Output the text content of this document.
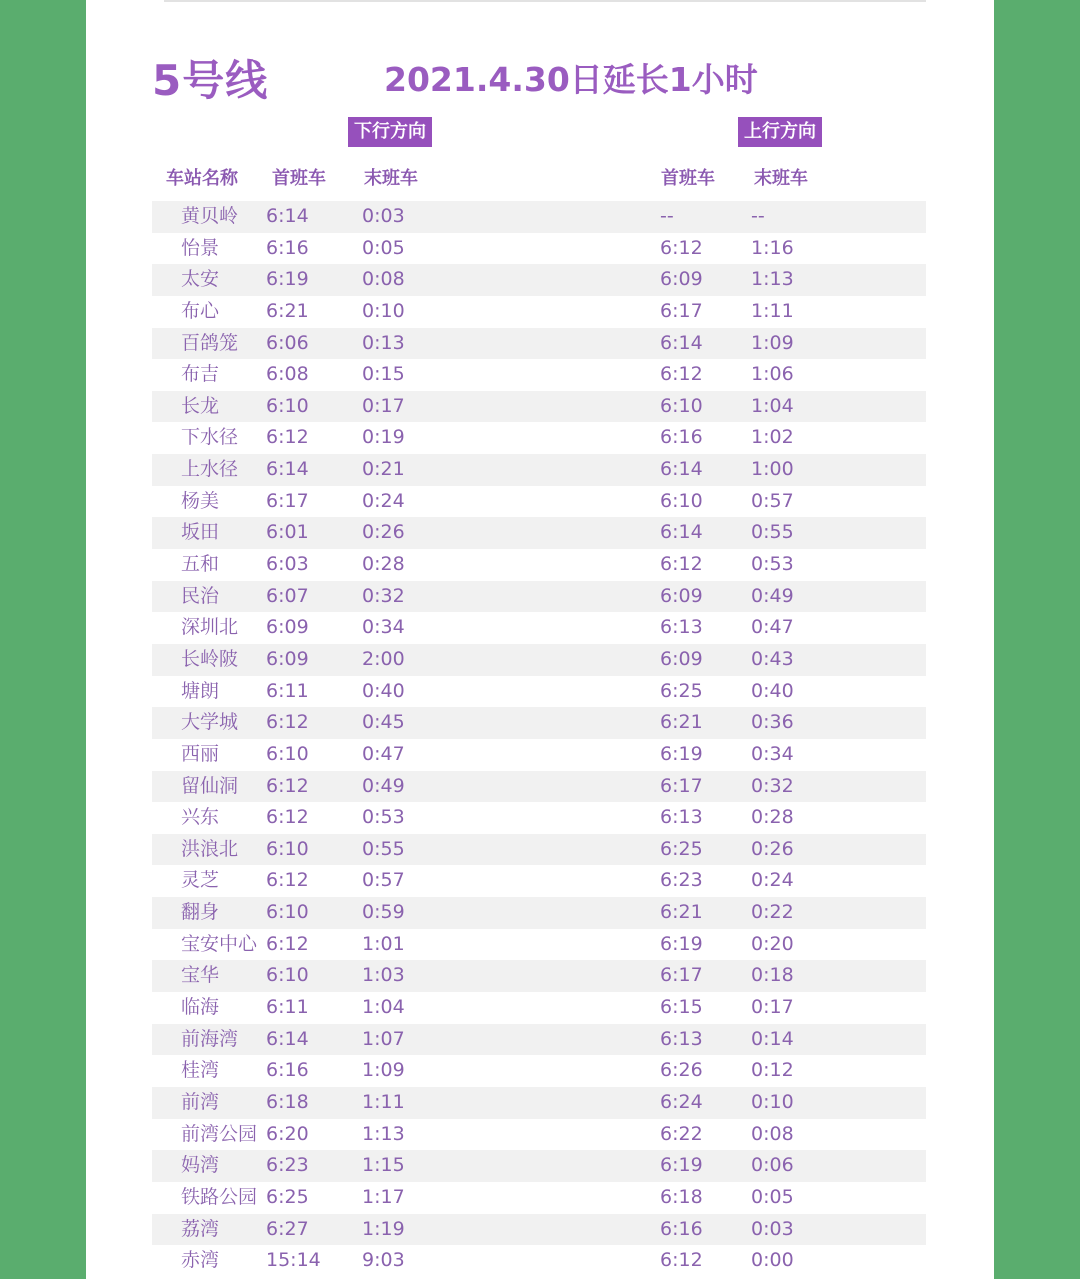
5号线	2021.4.30日延长1小时
下行方向	上行方向
车站名称 首班车 末班车	首班车 末班车
黄贝岭 6:14	0:03	--	--
怡景 6:16	0:05	6:12	1:16
太安 6:19	0:08	6:09	1:13
布心 6:21	0:10	6:17	1:11
百鸽笼 6:06	0:13	6:14	1:09
布吉 6:08	0:15	6:12	1:06
长龙 6:10	0:17	6:10	1:04
下水径 6:12	0:19	6:16	1:02
上水径 6:14	0:21	6:14	1:00
杨美 6:17	0:24	6:10	0:57
坂田 6:01	0:26	6:14	0:55
五和 6:03	0:28	6:12	0:53
民治 6:07	0:32	6:09	0:49
深圳北 6:09	0:34	6:13	0:47
长岭陂 6:09	2:00	6:09	0:43
塘朗 6:11	0:40	6:25	0:40
大学城 6:12	0:45	6:21	0:36
西丽 6:10	0:47	6:19	0:34
留仙洞 6:12	0:49	6:17	0:32
兴东 6:12	0:53	6:13	0:28
洪浪北 6:10	0:55	6:25	0:26
灵芝 6:12	0:57	6:23	0:24
翻身 6:10	0:59	6:21	0:22
宝安中心 6:12	1:01	6:19	0:20
宝华 6:10	1:03	6:17	0:18
临海 6:11	1:04	6:15	0:17
前海湾 6:14	1:07	6:13	0:14
桂湾 6:16	1:09	6:26	0:12
前湾 6:18	1:11	6:24	0:10
前湾公园 6:20	1:13	6:22	0:08
妈湾 6:23	1:15	6:19	0:06
铁路公园 6:25	1:17	6:18	0:05
荔湾 6:27	1:19	6:16	0:03
赤湾 15:14 9:03	6:12	0:00
